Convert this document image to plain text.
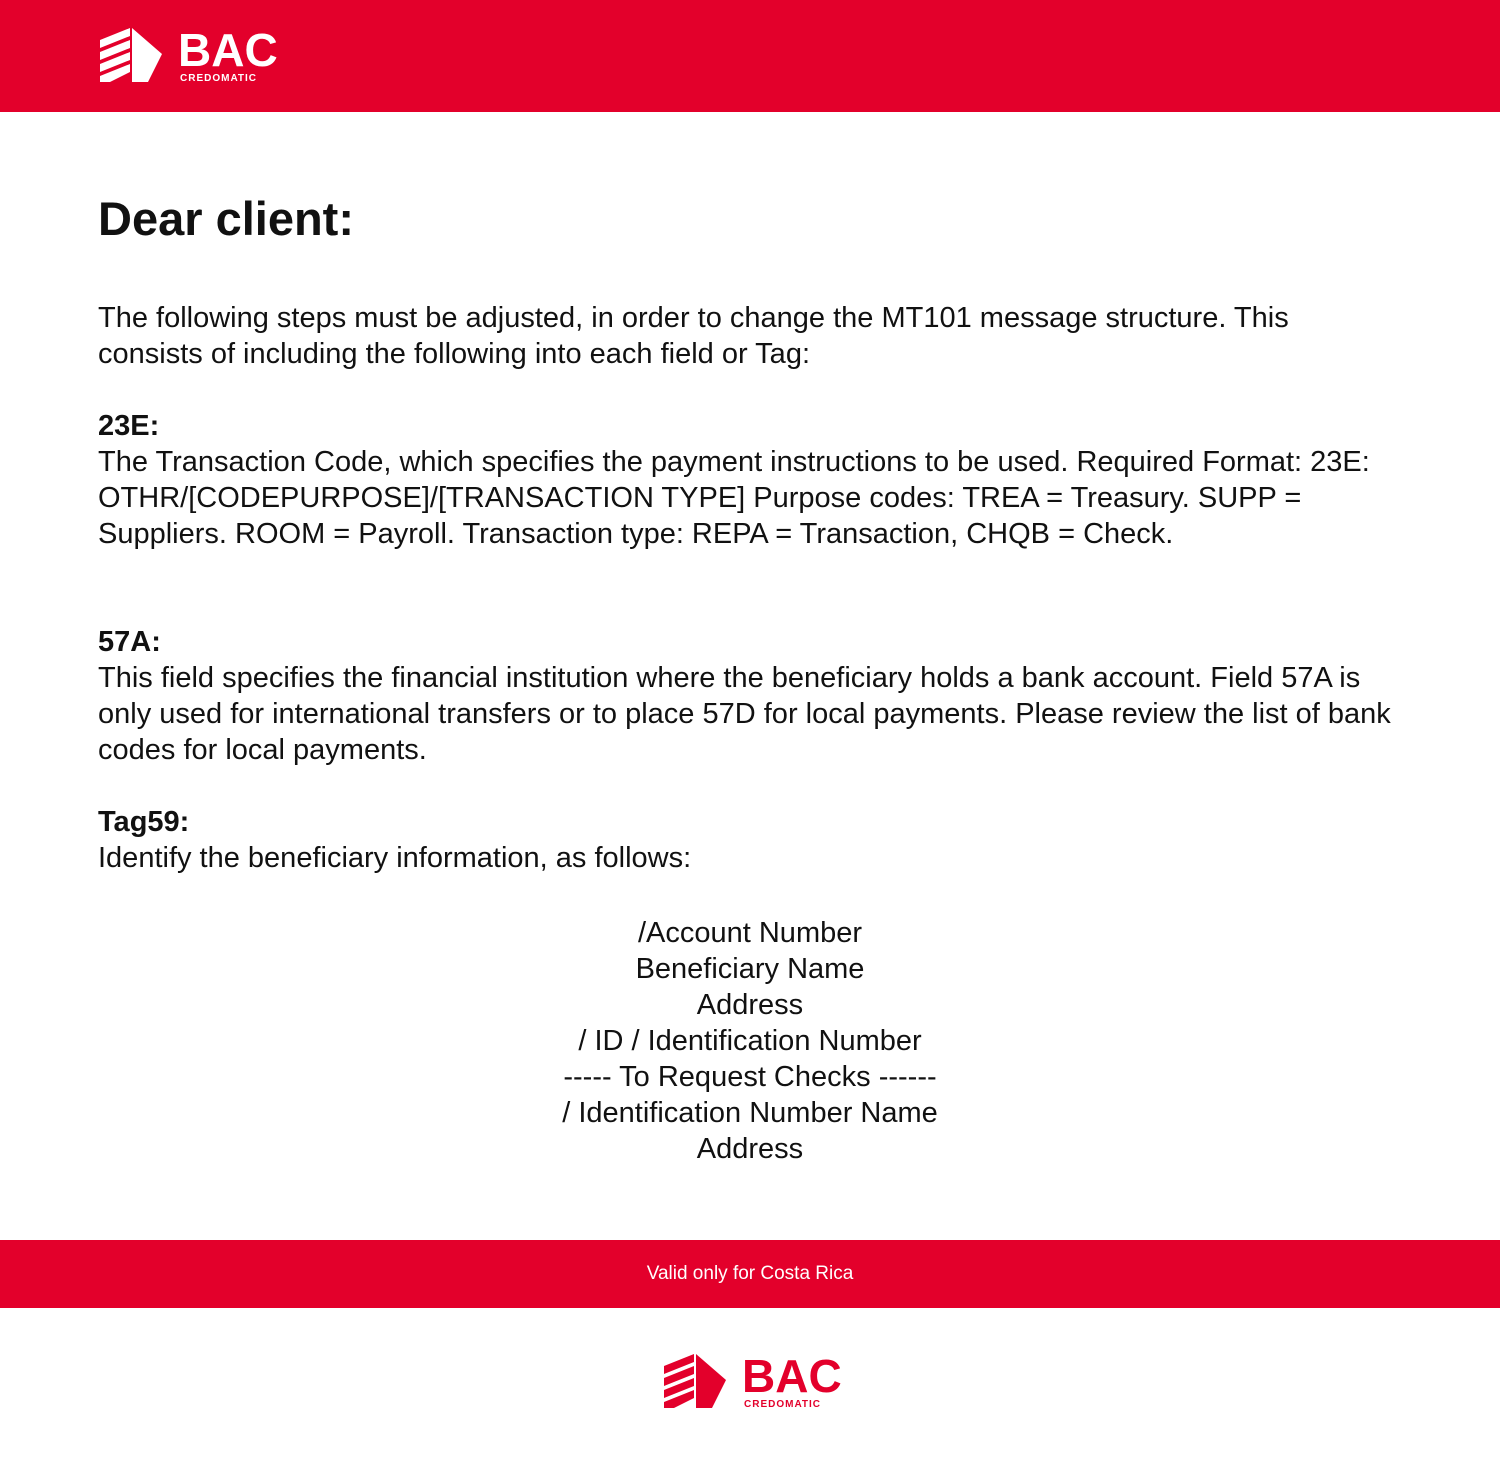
BAC
CREDOMATIC
Dear client:

The following steps must be adjusted, in order to change the MT101 message structure. This consists of including the following into each field or Tag:

23E:
The Transaction Code, which specifies the payment instructions to be used. Required Format: 23E: OTHR/[CODEPURPOSE]/[TRANSACTION TYPE] Purpose codes: TREA = Treasury. SUPP = Suppliers. ROOM = Payroll. Transaction type: REPA = Transaction, CHQB = Check.
57A:
This field specifies the financial institution where the beneficiary holds a bank account. Field 57A is only used for international transfers or to place 57D for local payments. Please review the list of bank codes for local payments.
Tag59:
Identify the beneficiary information, as follows:
/Account Number
Beneficiary Name
Address
/ ID / Identification Number
----- To Request Checks ------
/ Identification Number Name
Address
Valid only for Costa Rica
BAC
CREDOMATIC
